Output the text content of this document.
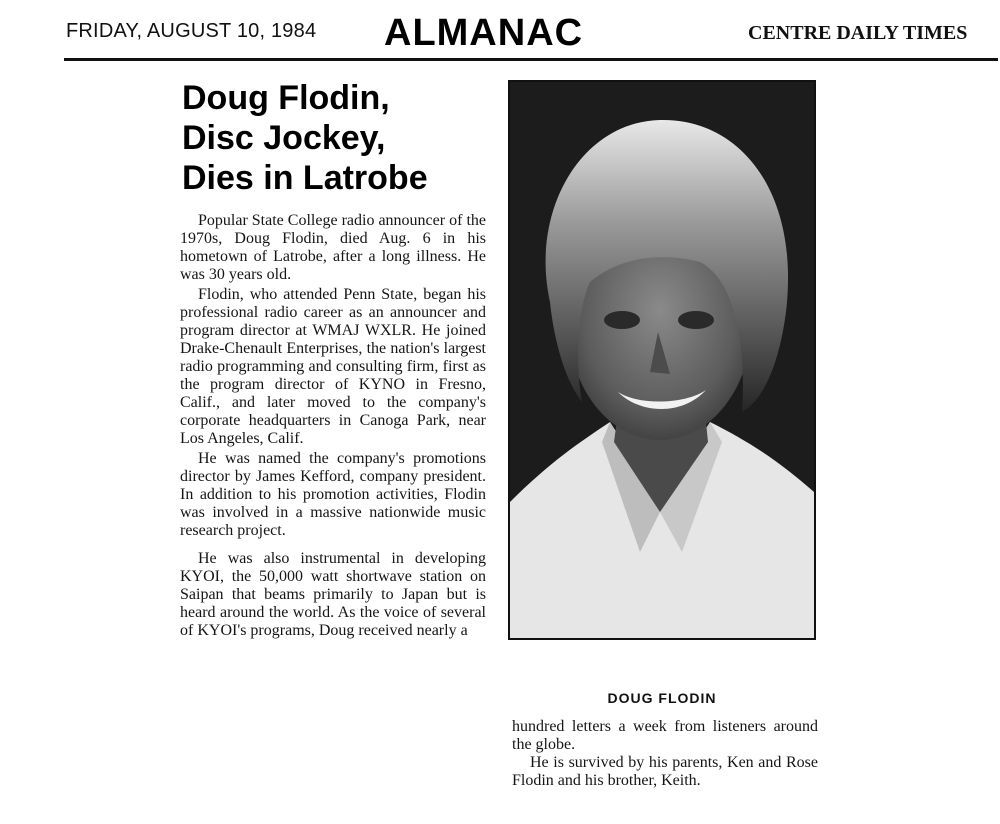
FRIDAY, AUGUST 10, 1984 ALMANAC	CENTRE DAILY TIMES
Doug Flodin,
Disc Jockey,
Dies in Latrobe

Popular State College radio announcer of the 1970s, Doug Flodin, died Aug. 6 in his hometown of Latrobe, after a long illness. He was 30 years old.

Flodin, who attended Penn State, began his professional radio career as an announcer and program director at WMAJ WXLR. He joined Drake-Chenault Enterprises, the nation's largest radio programming and consulting firm, first as the program director of KYNO in Fresno, Calif., and later moved to the company's corporate headquarters in Canoga Park, near Los Angeles, Calif.

He was named the company's promotions director by James Kefford, company president. In addition to his promotion activities, Flodin was involved in a massive nationwide music research project.

He was also instrumental in developing KYOI, the 50,000 watt shortwave station on Saipan that beams primarily to Japan but is heard around the world. As the voice of several of KYOI's programs, Doug received nearly a

DOUG FLODIN

hundred letters a week from listeners around the globe.

He is survived by his parents, Ken and Rose Flodin and his brother, Keith.
